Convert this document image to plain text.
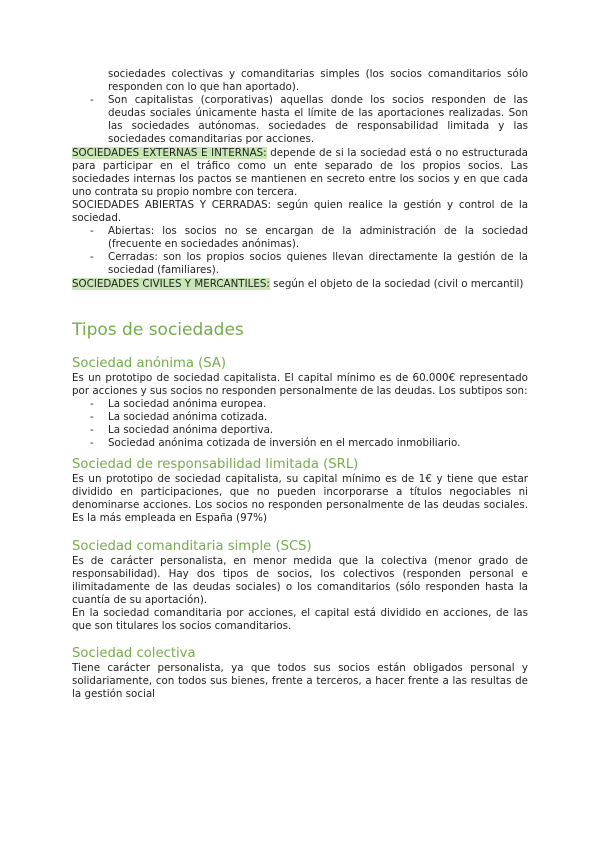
sociedades colectivas y comanditarias simples (los socios comanditarios sólo responden con lo que han aportado).
- Son capitalistas (corporativas) aquellas donde los socios responden de las deudas sociales únicamente hasta el límite de las aportaciones realizadas. Son las sociedades autónomas. sociedades de responsabilidad limitada y las sociedades comanditarias por acciones.

SOCIEDADES EXTERNAS E INTERNAS: depende de si la sociedad está o no estructurada para participar en el tráfico como un ente separado de los propios socios. Las sociedades internas los pactos se mantienen en secreto entre los socios y en que cada uno contrata su propio nombre con tercera.

SOCIEDADES ABIERTAS Y CERRADAS: según quien realice la gestión y control de la sociedad.

- Abiertas: los socios no se encargan de la administración de la sociedad (frecuente en sociedades anónimas).
- Cerradas: son los propios socios quienes llevan directamente la gestión de la sociedad (familiares).

SOCIEDADES CIVILES Y MERCANTILES: según el objeto de la sociedad (civil o mercantil)

Tipos de sociedades
Sociedad anónima (SA)

Es un prototipo de sociedad capitalista. El capital mínimo es de 60.000€ representado por acciones y sus socios no responden personalmente de las deudas. Los subtipos son:

- La sociedad anónima europea.
- La sociedad anónima cotizada.
- La sociedad anónima deportiva.
- Sociedad anónima cotizada de inversión en el mercado inmobiliario.
Sociedad de responsabilidad limitada (SRL)

Es un prototipo de sociedad capitalista, su capital mínimo es de 1€ y tiene que estar dividido en participaciones, que no pueden incorporarse a títulos negociables ni denominarse acciones. Los socios no responden personalmente de las deudas sociales. Es la más empleada en España (97%)

Sociedad comanditaria simple (SCS)

Es de carácter personalista, en menor medida que la colectiva (menor grado de responsabilidad). Hay dos tipos de socios, los colectivos (responden personal e ilimitadamente de las deudas sociales) o los comanditarios (sólo responden hasta la cuantía de su aportación).

En la sociedad comanditaria por acciones, el capital está dividido en acciones, de las que son titulares los socios comanditarios.

Sociedad colectiva

Tiene carácter personalista, ya que todos sus socios están obligados personal y solidariamente, con todos sus bienes, frente a terceros, a hacer frente a las resultas de la gestión social
